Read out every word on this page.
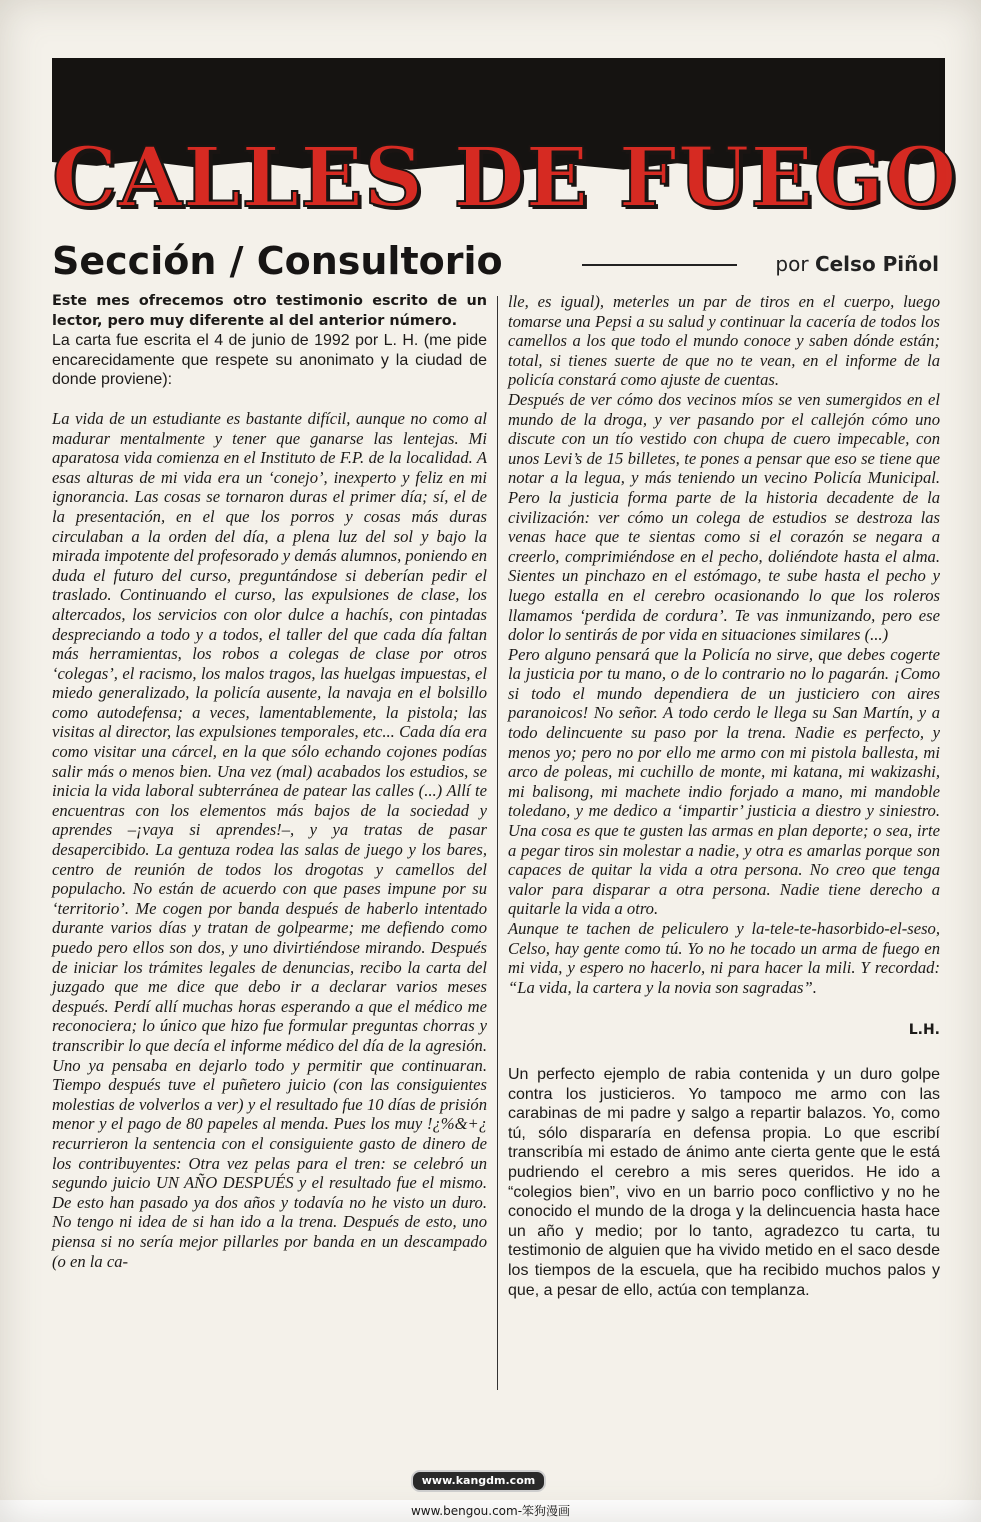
CALLES DE FUEGO
Sección / Consultorio	por Celso Piñol

Este mes ofrecemos otro testimonio escrito de un lector, pero muy diferente al del anterior número.

La carta fue escrita el 4 de junio de 1992 por L. H. (me pide encarecidamente que respete su anonimato y la ciudad de donde proviene):

La vida de un estudiante es bastante difícil, aunque no como al madurar mentalmente y tener que ganarse las lentejas. Mi aparatosa vida comienza en el Instituto de F.P. de la localidad. A esas alturas de mi vida era un ‘conejo’, inexperto y feliz en mi ignorancia. Las cosas se tornaron duras el primer día; sí, el de la presentación, en el que los porros y cosas más duras circulaban a la orden del día, a plena luz del sol y bajo la mirada impotente del profesorado y demás alumnos, poniendo en duda el futuro del curso, preguntándose si deberían pedir el traslado. Continuando el curso, las expulsiones de clase, los altercados, los servicios con olor dulce a hachís, con pintadas despreciando a todo y a todos, el taller del que cada día faltan más herramientas, los robos a colegas de clase por otros ‘colegas’, el racismo, los malos tragos, las huelgas impuestas, el miedo generalizado, la policía ausente, la navaja en el bolsillo como autodefensa; a veces, lamentablemente, la pistola; las visitas al director, las expulsiones temporales, etc... Cada día era como visitar una cárcel, en la que sólo echando cojones podías salir más o menos bien. Una vez (mal) acabados los estudios, se inicia la vida laboral subterránea de patear las calles (...) Allí te encuentras con los elementos más bajos de la sociedad y aprendes –¡vaya si aprendes!–, y ya tratas de pasar desapercibido. La gentuza rodea las salas de juego y los bares, centro de reunión de todos los drogotas y camellos del populacho. No están de acuerdo con que pases impune por su ‘territorio’. Me cogen por banda después de haberlo intentado durante varios días y tratan de golpearme; me defiendo como puedo pero ellos son dos, y uno divirtiéndose mirando. Después de iniciar los trámites legales de denuncias, recibo la carta del juzgado que me dice que debo ir a declarar varios meses después. Perdí allí muchas horas esperando a que el médico me reconociera; lo único que hizo fue formular preguntas chorras y transcribir lo que decía el informe médico del día de la agresión. Uno ya pensaba en dejarlo todo y permitir que continuaran. Tiempo después tuve el puñetero juicio (con las consiguientes molestias de volverlos a ver) y el resultado fue 10 días de prisión menor y el pago de 80 papeles al menda. Pues los muy !¿%&+¿ recurrieron la sentencia con el consiguiente gasto de dinero de los contribuyentes: Otra vez pelas para el tren: se celebró un segundo juicio UN AÑO DESPUÉS y el resultado fue el mismo. De esto han pasado ya dos años y todavía no he visto un duro. No tengo ni idea de si han ido a la trena. Después de esto, uno piensa si no sería mejor pillarles por banda en un descampado (o en la ca-

lle, es igual), meterles un par de tiros en el cuerpo, luego tomarse una Pepsi a su salud y continuar la cacería de todos los camellos a los que todo el mundo conoce y saben dónde están; total, si tienes suerte de que no te vean, en el informe de la policía constará como ajuste de cuentas.

Después de ver cómo dos vecinos míos se ven sumergidos en el mundo de la droga, y ver pasando por el callejón cómo uno discute con un tío vestido con chupa de cuero impecable, con unos Levi’s de 15 billetes, te pones a pensar que eso se tiene que notar a la legua, y más teniendo un vecino Policía Municipal. Pero la justicia forma parte de la historia decadente de la civilización: ver cómo un colega de estudios se destroza las venas hace que te sientas como si el corazón se negara a creerlo, comprimiéndose en el pecho, doliéndote hasta el alma. Sientes un pinchazo en el estómago, te sube hasta el pecho y luego estalla en el cerebro ocasionando lo que los roleros llamamos ‘perdida de cordura’. Te vas inmunizando, pero ese dolor lo sentirás de por vida en situaciones similares (...)

Pero alguno pensará que la Policía no sirve, que debes cogerte la justicia por tu mano, o de lo contrario no lo pagarán. ¡Como si todo el mundo dependiera de un justiciero con aires paranoicos! No señor. A todo cerdo le llega su San Martín, y a todo delincuente su paso por la trena. Nadie es perfecto, y menos yo; pero no por ello me armo con mi pistola ballesta, mi arco de poleas, mi cuchillo de monte, mi katana, mi wakizashi, mi balisong, mi machete indio forjado a mano, mi mandoble toledano, y me dedico a ‘impartir’ justicia a diestro y siniestro. Una cosa es que te gusten las armas en plan deporte; o sea, irte a pegar tiros sin molestar a nadie, y otra es amarlas porque son capaces de quitar la vida a otra persona. No creo que tenga valor para disparar a otra persona. Nadie tiene derecho a quitarle la vida a otro.

Aunque te tachen de peliculero y la-tele-te-hasorbido-el-seso, Celso, hay gente como tú. Yo no he tocado un arma de fuego en mi vida, y espero no hacerlo, ni para hacer la mili. Y recordad: “La vida, la cartera y la novia son sagradas”.

L.H.

Un perfecto ejemplo de rabia contenida y un duro golpe contra los justicieros. Yo tampoco me armo con las carabinas de mi padre y salgo a repartir balazos. Yo, como tú, sólo dispararía en defensa propia. Lo que escribí transcribía mi estado de ánimo ante cierta gente que le está pudriendo el cerebro a mis seres queridos. He ido a “colegios bien”, vivo en un barrio poco conflictivo y no he conocido el mundo de la droga y la delincuencia hasta hace un año y medio; por lo tanto, agradezco tu carta, tu testimonio de alguien que ha vivido metido en el saco desde los tiempos de la escuela, que ha recibido muchos palos y que, a pesar de ello, actúa con templanza.

www.kangdm.com
www.bengou.com-笨狗漫画
